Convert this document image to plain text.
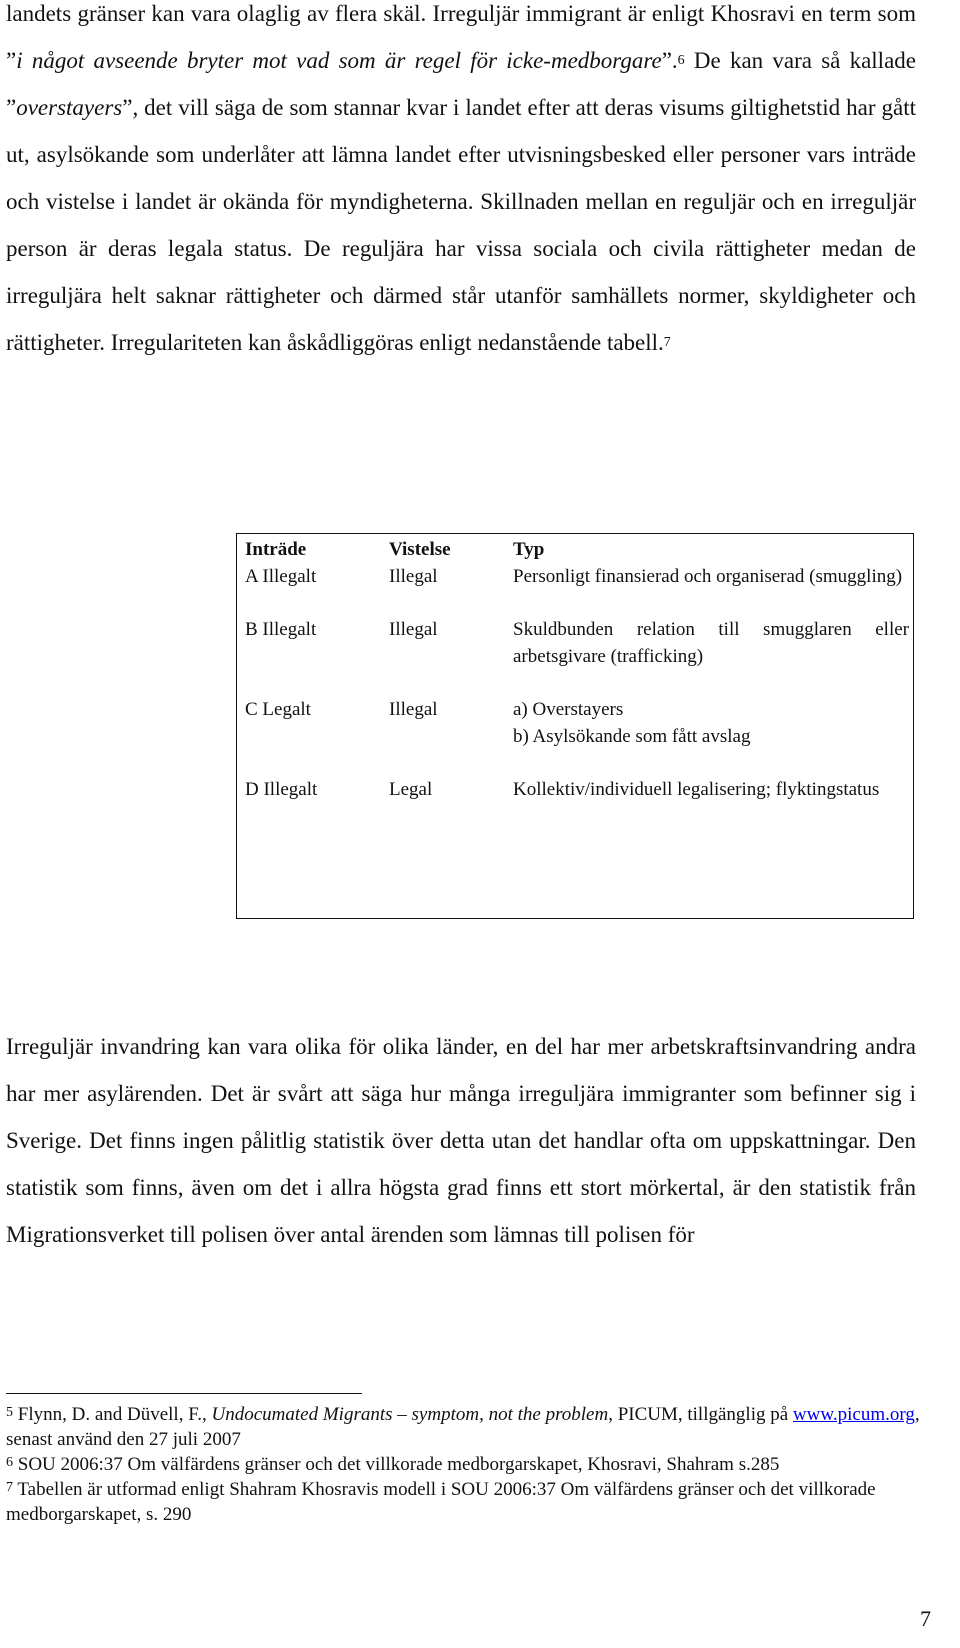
landets gränser kan vara olaglig av flera skäl. Irreguljär immigrant är enligt Khosravi en term som ”i något avseende bryter mot vad som är regel för icke-medborgare”.$^6$ De kan vara så kallade ”overstayers”, det vill säga de som stannar kvar i landet efter att deras visums giltighetstid har gått ut, asylsökande som underlåter att lämna landet efter utvisningsbesked eller personer vars inträde och vistelse i landet är okända för myndigheterna. Skillnaden mellan en reguljär och en irreguljär person är deras legala status. De reguljära har vissa sociala och civila rättigheter medan de irreguljära helt saknar rättigheter och därmed står utanför samhällets normer, skyldigheter och rättigheter. Irregulariteten kan åskådliggöras enligt nedanstående tabell.$^7$

Inträde	Vistelse	Typ
A Illegalt	Illegal	Personligt finansierad och organiserad (smuggling)
B Illegalt	Illegal	Skuldbunden relation till smugglaren eller arbetsgivare (trafficking)
C Legalt	Illegal	a) Overstayers
b) Asylsökande som fått avslag

D Illegalt	Legal	Kollektiv/individuell legalisering; flyktingstatus

Irreguljär invandring kan vara olika för olika länder, en del har mer arbetskraftsinvandring andra har mer asylärenden. Det är svårt att säga hur många irreguljära immigranter som befinner sig i Sverige. Det finns ingen pålitlig statistik över detta utan det handlar ofta om uppskattningar. Den statistik som finns, även om det i allra högsta grad finns ett stort mörkertal, är den statistik från Migrationsverket till polisen över antal ärenden som lämnas till polisen för

$^5$ Flynn, D. and Düvell, F., Undocumated Migrants – symptom, not the problem, PICUM, tillgänglig på www.picum.org, senast använd den 27 juli 2007

$^6$ SOU 2006:37 Om välfärdens gränser och det villkorade medborgarskapet, Khosravi, Shahram s.285

$^7$ Tabellen är utformad enligt Shahram Khosravis modell i SOU 2006:37 Om välfärdens gränser och det villkorade medborgarskapet, s. 290

7
